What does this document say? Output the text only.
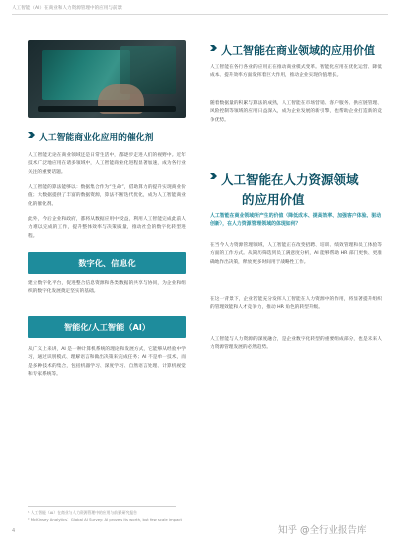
人工智能（AI）在商业和人力资源管理中的应用与前景
人工智能商业化应用的催化剂

人工智能无论在商业领域还是日常生活中，都逐步走进人们的视野中。近年技术广泛地应用在诸多领域中，人工智能商业化进程显著加速，成为各行业关注的重要话题。

人工智能的算法能够以：数据集合作为“生命”，借助算力的提升实现商业价值；大数据提供了丰富的数据资源，算法不断迭代优化，成为人工智能商业化的催化剂。

此外，今后企业和政府，都将从数据应用中受益，利用人工智能完成此前人力难以完成的工作，提升整体效率与决策质量，推动社会的数字化转型进程。

数字化、信息化

建立数字化平台，促进整合信息资源和各类数据的共享与协同，为企业和组织的数字化发展奠定坚实的基础。

智能化/人工智能（AI）

从广义上来讲，AI 是一种计算机系统的理论和发展方式，它能够从经验中学习，通过识别模式、理解语言和做出决策来完成任务；AI 不是单一技术，而是多种技术的集合，包括机器学习、深度学习、自然语言处理、计算机视觉和专家系统等。

人工智能在商业领域的应用价值

人工智能在各行各业的应用正在推动商业模式变革。智能化应用在优化运营、降低成本、提升效率方面发挥着巨大作用，推动企业实现价值增长。

随着数据量的积累与算法的成熟，人工智能在市场营销、客户服务、供应链管理、风险控制等领域的应用日益深入，成为企业发展的新引擎，也帮助企业打造新的竞争优势。

人工智能在人力资源领域
的应用价值

人工智能在商业领域所产生的价值（降低成本、提高效率、加强客户体验、驱动创新），在人力资源管理领域的体现如何？

在当今人力资源管理领域，人工智能正在改变招聘、培训、绩效管理和员工体验等方面的工作方式。从简历筛选到员工满意度分析，AI 能够帮助 HR 部门更快、更准确地作出决策，释放更多时间用于战略性工作。

在这一背景下，企业若能充分发挥人工智能在人力资源中的作用，将显著提升组织的管理效能和人才竞争力，推动 HR 角色的转型升级。

人工智能与人力资源的深度融合，是企业数字化转型的重要组成部分，也是未来人力资源管理发展的必然趋势。

¹ 人工智能（AI）在商业与人力资源管理中的应用与前景研究报告
² McKinsey Analytics：Global AI Survey: AI proves its worth, but few scale impact
4	知乎 @全行业报告库
